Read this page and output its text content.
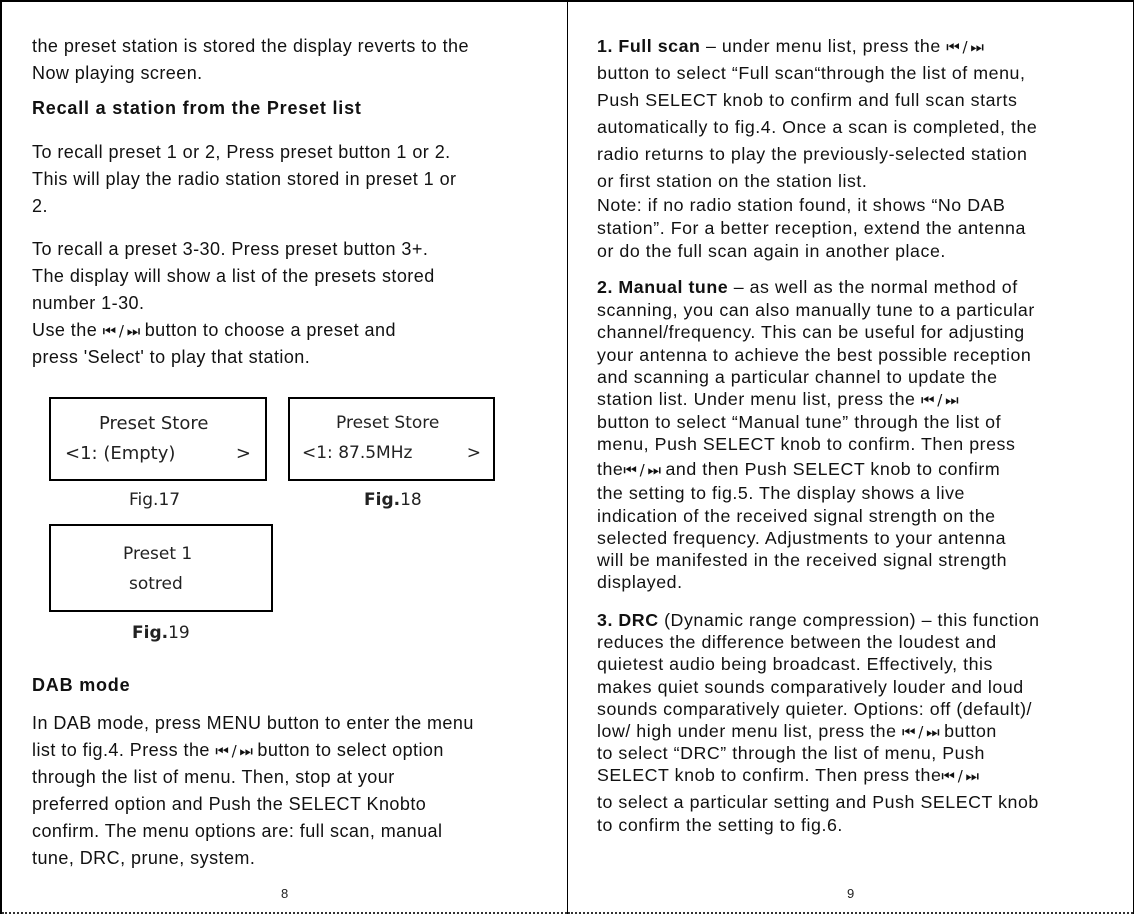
the preset station is stored the display reverts to the
Now playing screen.
Recall a station from the Preset list
To recall preset 1 or 2, Press preset button 1 or 2.
This will play the radio station stored in preset 1 or
2.
To recall a preset 3-30. Press preset button 3+.
The display will show a list of the presets stored
number 1-30.
Use the ⏮ / ⏭ button to choose a preset and
press 'Select' to play that station.
Preset Store
<1: (Empty)	>
Fig.17
Preset Store
<1: 87.5MHz	>
Fig.18
Preset 1
sotred
Fig.19
DAB mode
In DAB mode, press MENU button to enter the menu
list to fig.4. Press the ⏮ / ⏭ button to select option
through the list of menu. Then, stop at your
preferred option and Push the SELECT Knobto
confirm. The menu options are: full scan, manual
tune, DRC, prune, system.
8
1. Full scan – under menu list, press the ⏮ / ⏭
button to select “Full scan“through the list of menu,
Push SELECT knob to confirm and full scan starts
automatically to fig.4. Once a scan is completed, the
radio returns to play the previously-selected station
or first station on the station list.
Note: if no radio station found, it shows “No DAB
station”. For a better reception, extend the antenna
or do the full scan again in another place.
2. Manual tune – as well as the normal method of
scanning, you can also manually tune to a particular
channel/frequency. This can be useful for adjusting
your antenna to achieve the best possible reception
and scanning a particular channel to update the
station list. Under menu list, press the ⏮ / ⏭
button to select “Manual tune” through the list of
menu, Push SELECT knob to confirm. Then press
the⏮ / ⏭ and then Push SELECT knob to confirm
the setting to fig.5. The display shows a live
indication of the received signal strength on the
selected frequency. Adjustments to your antenna
will be manifested in the received signal strength
displayed.
3. DRC (Dynamic range compression) – this function
reduces the difference between the loudest and
quietest audio being broadcast. Effectively, this
makes quiet sounds comparatively louder and loud
sounds comparatively quieter. Options: off (default)/
low/ high under menu list, press the ⏮ / ⏭ button
to select “DRC” through the list of menu, Push
SELECT knob to confirm. Then press the⏮ / ⏭
to select a particular setting and Push SELECT knob
to confirm the setting to fig.6.
9
